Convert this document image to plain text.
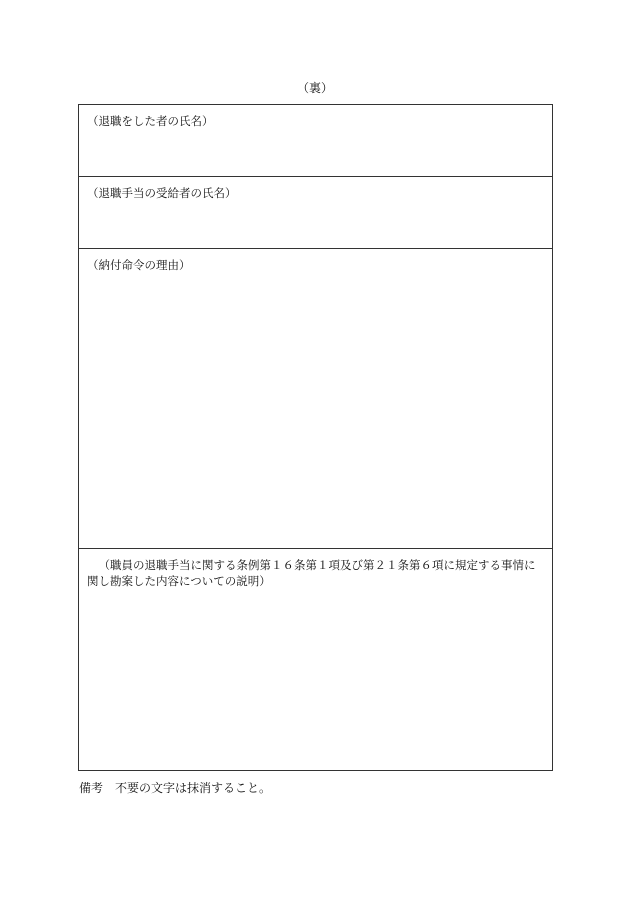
（裏）
（退職をした者の氏名）
（退職手当の受給者の氏名）
（納付命令の理由）
（職員の退職手当に関する条例第１６条第１項及び第２１条第６項に規定する事情に関し勘案した内容についての説明）
備考　不要の文字は抹消すること。
